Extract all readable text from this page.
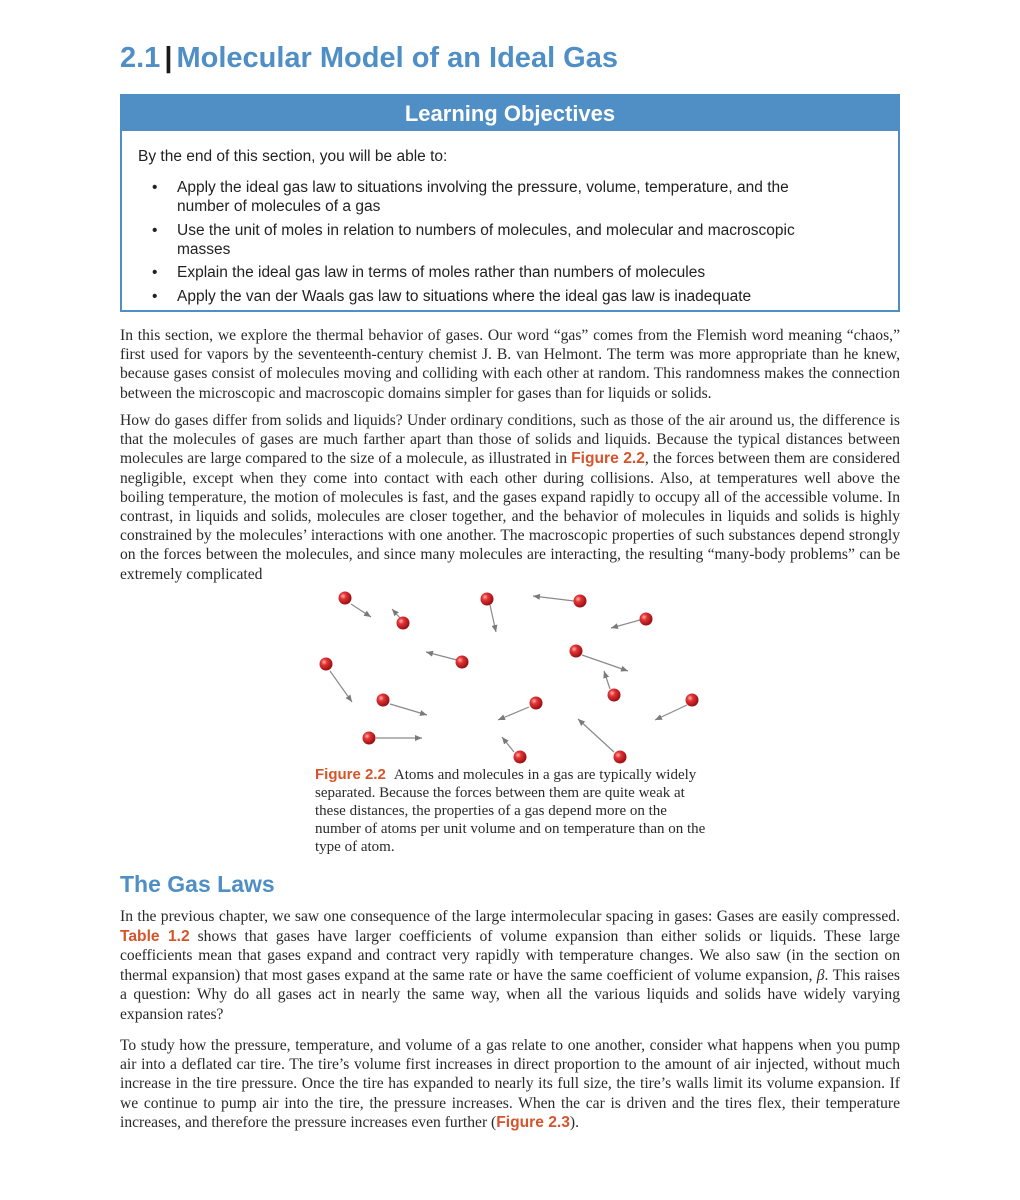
2.1 | Molecular Model of an Ideal Gas
Learning Objectives
By the end of this section, you will be able to:
• Apply the ideal gas law to situations involving the pressure, volume, temperature, and the number of molecules of a gas
• Use the unit of moles in relation to numbers of molecules, and molecular and macroscopic masses
• Explain the ideal gas law in terms of moles rather than numbers of molecules
• Apply the van der Waals gas law to situations where the ideal gas law is inadequate

In this section, we explore the thermal behavior of gases. Our word “gas” comes from the Flemish word meaning “chaos,” first used for vapors by the seventeenth-century chemist J. B. van Helmont. The term was more appropriate than he knew, because gases consist of molecules moving and colliding with each other at random. This randomness makes the connection between the microscopic and macroscopic domains simpler for gases than for liquids or solids.

How do gases differ from solids and liquids? Under ordinary conditions, such as those of the air around us, the difference is that the molecules of gases are much farther apart than those of solids and liquids. Because the typical distances between molecules are large compared to the size of a molecule, as illustrated in Figure 2.2, the forces between them are considered negligible, except when they come into contact with each other during collisions. Also, at temperatures well above the boiling temperature, the motion of molecules is fast, and the gases expand rapidly to occupy all of the accessible volume. In contrast, in liquids and solids, molecules are closer together, and the behavior of molecules in liquids and solids is highly constrained by the molecules’ interactions with one another. The macroscopic properties of such substances depend strongly on the forces between the molecules, and since many molecules are interacting, the resulting “many-body problems” can be extremely complicated

Figure 2.2 Atoms and molecules in a gas are typically widely separated. Because the forces between them are quite weak at these distances, the properties of a gas depend more on the number of atoms per unit volume and on temperature than on the type of atom.

The Gas Laws

In the previous chapter, we saw one consequence of the large intermolecular spacing in gases: Gases are easily compressed. Table 1.2 shows that gases have larger coefficients of volume expansion than either solids or liquids. These large coefficients mean that gases expand and contract very rapidly with temperature changes. We also saw (in the section on thermal expansion) that most gases expand at the same rate or have the same coefficient of volume expansion, β. This raises a question: Why do all gases act in nearly the same way, when all the various liquids and solids have widely varying expansion rates?

To study how the pressure, temperature, and volume of a gas relate to one another, consider what happens when you pump air into a deflated car tire. The tire’s volume first increases in direct proportion to the amount of air injected, without much increase in the tire pressure. Once the tire has expanded to nearly its full size, the tire’s walls limit its volume expansion. If we continue to pump air into the tire, the pressure increases. When the car is driven and the tires flex, their temperature increases, and therefore the pressure increases even further (Figure 2.3).
